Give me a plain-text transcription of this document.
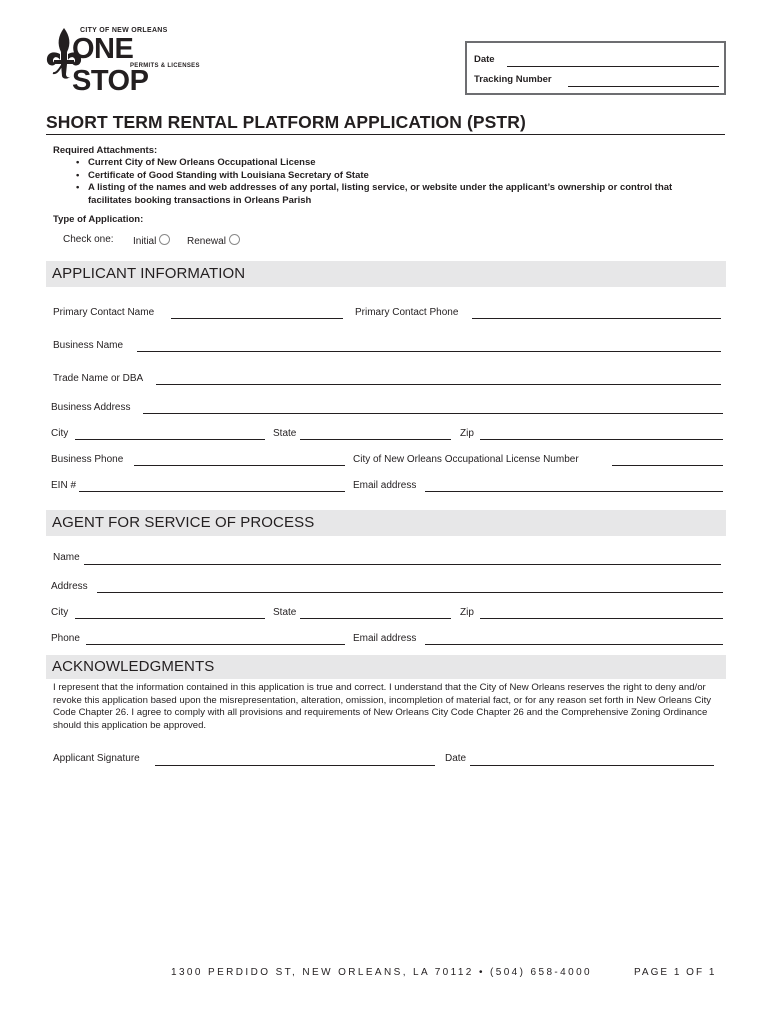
CITY OF NEW ORLEANS
ONE STOP
PERMITS & LICENSES
Date
Tracking Number
SHORT TERM RENTAL PLATFORM APPLICATION (PSTR)
Required Attachments:
• Current City of New Orleans Occupational License
• Certificate of Good Standing with Louisiana Secretary of State
• A listing of the names and web addresses of any portal, listing service, or website under the applicant’s ownership or control that facilitates booking transactions in Orleans Parish
Type of Application:
Check one: Initial	Renewal
APPLICANT INFORMATION
Primary Contact Name	Primary Contact Phone
Business Name
Trade Name or DBA
Business Address
City	State	Zip
Business Phone	City of New Orleans Occupational License Number
EIN #	Email address
AGENT FOR SERVICE OF PROCESS
Name
Address
City	State	Zip
Phone	Email address
ACKNOWLEDGMENTS
I represent that the information contained in this application is true and correct. I understand that the City of New Orleans reserves the right to deny and/or revoke this application based upon the misrepresentation, alteration, omission, incompletion of material fact, or for any reason set forth in New Orleans City Code Chapter 26. I agree to comply with all provisions and requirements of New Orleans City Code Chapter 26 and the Comprehensive Zoning Ordinance should this application be approved.
Applicant Signature	Date
1300 PERDIDO ST, NEW ORLEANS, LA 70112 • (504) 658-4000	PAGE 1 OF 1
